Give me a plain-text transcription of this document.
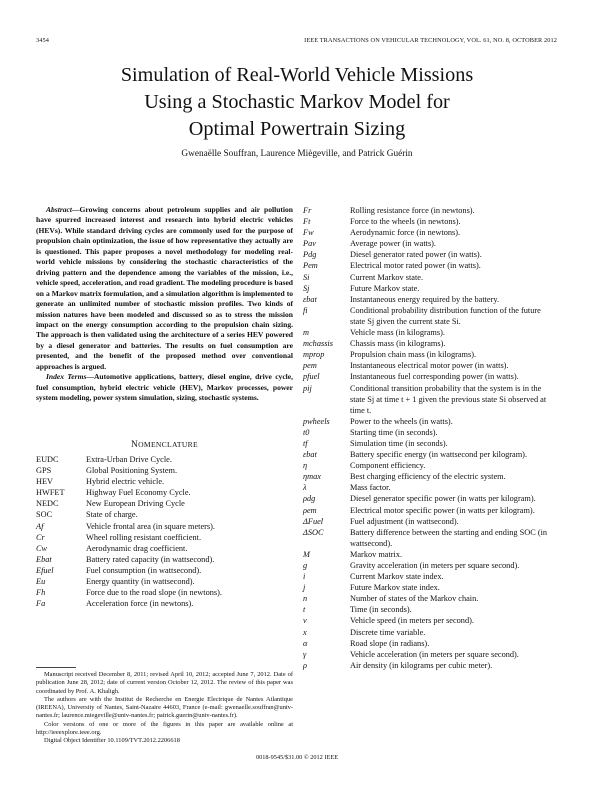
3454	IEEE TRANSACTIONS ON VEHICULAR TECHNOLOGY, VOL. 61, NO. 8, OCTOBER 2012
Simulation of Real-World Vehicle Missions
Using a Stochastic Markov Model for
Optimal Powertrain Sizing
Gwenaëlle Souffran, Laurence Miègeville, and Patrick Guérin

Abstract—Growing concerns about petroleum supplies and air pollution have spurred increased interest and research into hybrid electric vehicles (HEVs). While standard driving cycles are commonly used for the purpose of propulsion chain optimization, the issue of how representative they actually are is questioned. This paper proposes a novel methodology for modeling real-world vehicle missions by considering the stochastic characteristics of the driving pattern and the dependence among the variables of the mission, i.e., vehicle speed, acceleration, and road gradient. The modeling procedure is based on a Markov matrix formulation, and a simulation algorithm is implemented to generate an unlimited number of stochastic mission profiles. Two kinds of mission natures have been modeled and discussed so as to stress the mission impact on the energy consumption according to the propulsion chain sizing. The approach is then validated using the architecture of a series HEV powered by a diesel generator and batteries. The results on fuel consumption are presented, and the benefit of the proposed method over conventional approaches is argued.

Index Terms—Automotive applications, battery, diesel engine, drive cycle, fuel consumption, hybrid electric vehicle (HEV), Markov processes, power system modeling, power system simulation, sizing, stochastic systems.

NOMENCLATURE
EUDC	Extra-Urban Drive Cycle.
GPS	Global Positioning System.
HEV	Hybrid electric vehicle.
HWFET	Highway Fuel Economy Cycle.
NEDC	New European Driving Cycle
SOC	State of charge.
Af	Vehicle frontal area (in square meters).
Cr	Wheel rolling resistant coefficient.
Cw	Aerodynamic drag coefficient.
Ebat	Battery rated capacity (in wattsecond).
Efuel	Fuel consumption (in wattsecond).
Eu	Energy quantity (in wattsecond).
Fh	Force due to the road slope (in newtons).
Fa	Acceleration force (in newtons).
Fr	Rolling resistance force (in newtons).
Ft	Force to the wheels (in newtons).
Fw	Aerodynamic force (in newtons).
Pav	Average power (in watts).
Pdg	Diesel generator rated power (in watts).
Pem	Electrical motor rated power (in watts).
Si	Current Markov state.
Sj	Future Markov state.
εbat	Instantaneous energy required by the battery.
fi	Conditional probability distribution function of the future state Sj given the current state Si.
m	Vehicle mass (in kilograms).
mchassis	Chassis mass (in kilograms).
mprop	Propulsion chain mass (in kilograms).
pem	Instantaneous electrical motor power (in watts).
pfuel	Instantaneous fuel corresponding power (in watts).
pij	Conditional transition probability that the system is in the state Sj at time t + 1 given the previous state Si observed at time t.
pwheels	Power to the wheels (in watts).
t0	Starting time (in seconds).
tf	Simulation time (in seconds).
εbat	Battery specific energy (in wattsecond per kilogram).
η	Component efficiency.
ηmax	Best charging efficiency of the electric system.
λ	Mass factor.
ρdg	Diesel generator specific power (in watts per kilogram).
ρem	Electrical motor specific power (in watts per kilogram).
ΔFuel	Fuel adjustment (in wattsecond).
ΔSOC	Battery difference between the starting and ending SOC (in wattsecond).
M	Markov matrix.
g	Gravity acceleration (in meters per square second).
i	Current Markov state index.
j	Future Markov state index.
n	Number of states of the Markov chain.
t	Time (in seconds).
ν	Vehicle speed (in meters per second).
x	Discrete time variable.
α	Road slope (in radians).
γ	Vehicle acceleration (in meters per square second).
ρ	Air density (in kilograms per cubic meter).

Manuscript received December 8, 2011; revised April 10, 2012; accepted June 7, 2012. Date of publication June 28, 2012; date of current version October 12, 2012. The review of this paper was coordinated by Prof. A. Khaligh.

The authors are with the Institut de Recherche en Energie Electrique de Nantes Atlantique (IREENA), University of Nantes, Saint-Nazaire 44603, France (e-mail: gwenaelle.souffran@univ-nantes.fr; laurence.miegeville@univ-nantes.fr; patrick.guerin@univ-nantes.fr).

Color versions of one or more of the figures in this paper are available online at http://ieeexplore.ieee.org.

Digital Object Identifier 10.1109/TVT.2012.2206618

0018-9545/$31.00 © 2012 IEEE
